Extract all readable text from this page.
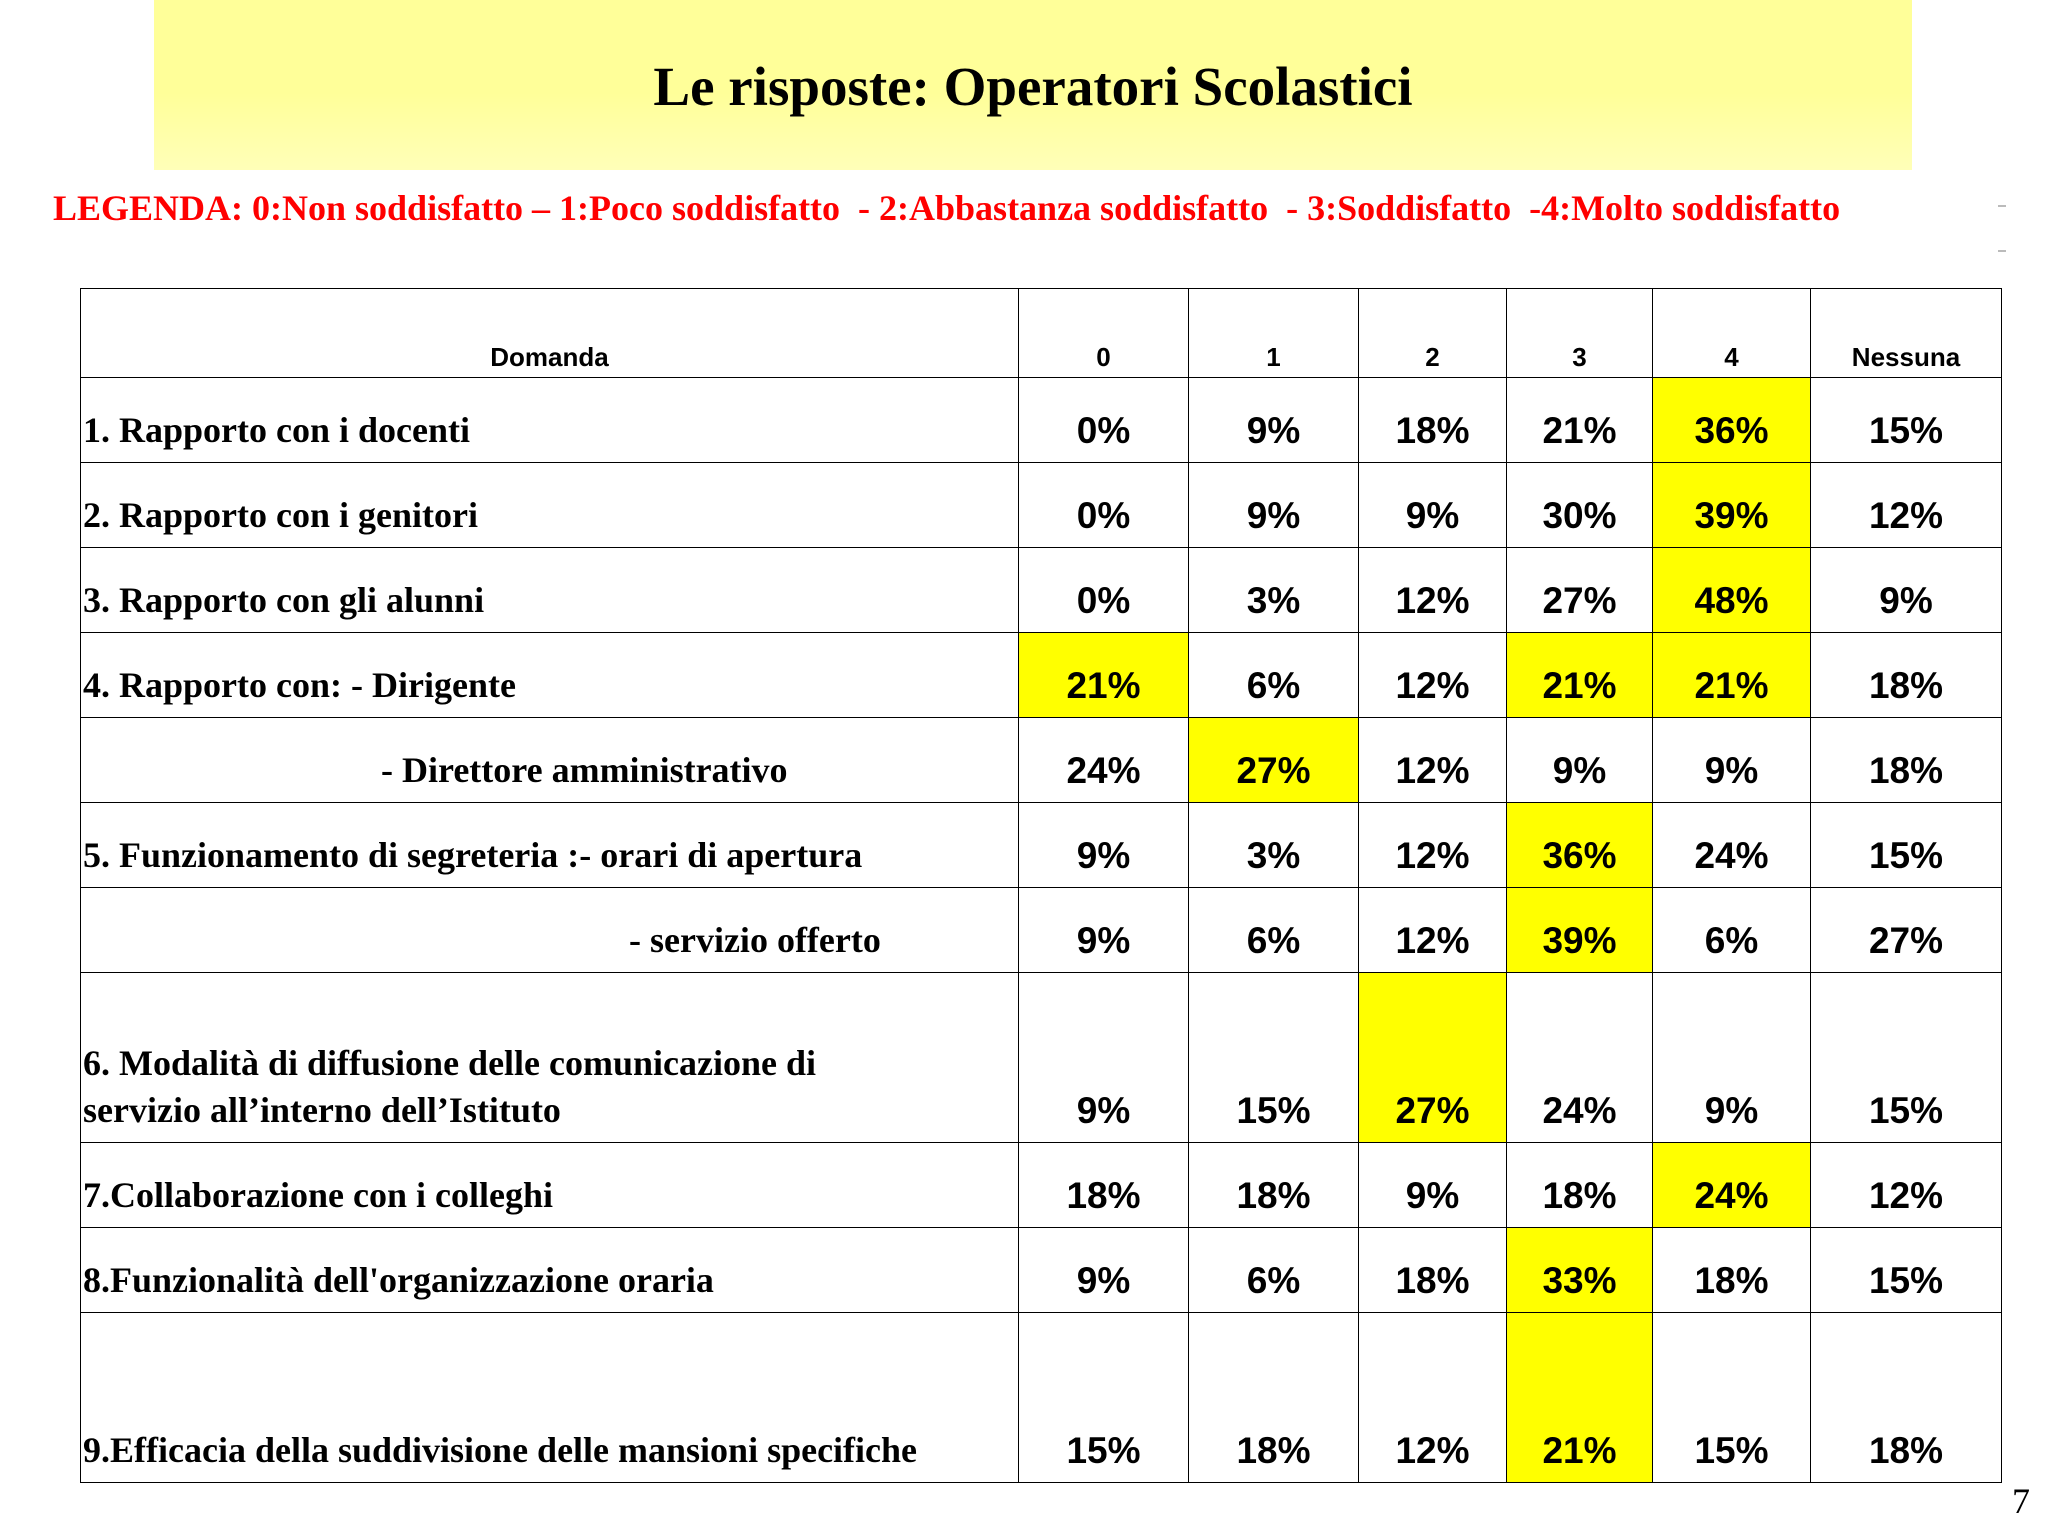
Le risposte: Operatori Scolastici
LEGENDA: 0:Non soddisfatto – 1:Poco soddisfatto  - 2:Abbastanza soddisfatto  - 3:Soddisfatto  -4:Molto soddisfatto
Domanda	0	1	2	3	4	Nessuna
1. Rapporto con i docenti	0%	9%	18%	21%	36%	15%
2. Rapporto con i genitori	0%	9%	9%	30%	39%	12%
3. Rapporto con gli alunni	0%	3%	12%	27%	48%	9%
4. Rapporto con: - Dirigente	21%	6%	12%	21%	21%	18%
- Direttore amministrativo	24%	27%	12%	9%	9%	18%
5. Funzionamento di segreteria :- orari di apertura	9%	3%	12%	36%	24%	15%
- servizio offerto	9%	6%	12%	39%	6%	27%
6. Modalità di diffusione delle comunicazione di
servizio all’interno dell’Istituto	9%	15%	27%	24%	9%	15%
7.Collaborazione con i colleghi	18%	18%	9%	18%	24%	12%
8.Funzionalità dell'organizzazione oraria	9%	6%	18%	33%	18%	15%
9.Efficacia della suddivisione delle mansioni specifiche	15%	18%	12%	21%	15%	18%
7
